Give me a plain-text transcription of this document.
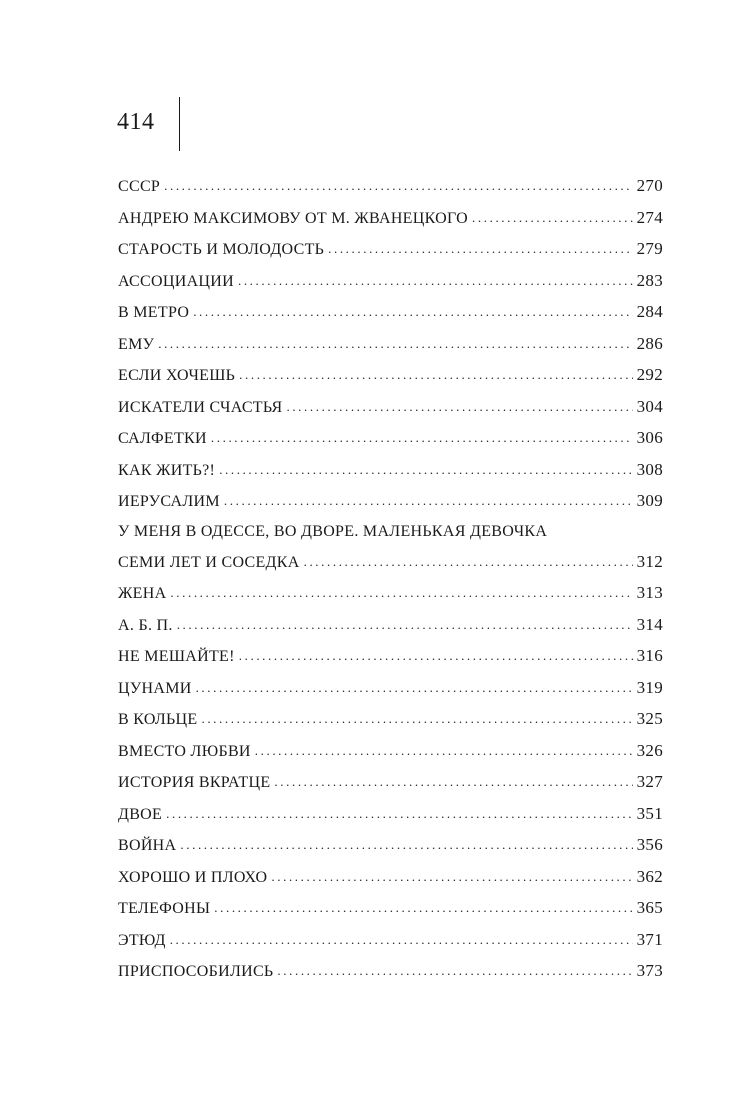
414
СССР .....	270
АНДРЕЮ МАКСИМОВУ ОТ М. ЖВАНЕЦКОГО .....	274
СТАРОСТЬ И МОЛОДОСТЬ .....	279
АССОЦИАЦИИ .....	283
В МЕТРО .....	284
ЕМУ .....	286
ЕСЛИ ХОЧЕШЬ .....	292
ИСКАТЕЛИ СЧАСТЬЯ .....	304
САЛФЕТКИ .....	306
КАК ЖИТЬ?! .....	308
ИЕРУСАЛИМ .....	309
У МЕНЯ В ОДЕССЕ, ВО ДВОРЕ. МАЛЕНЬКАЯ ДЕВОЧКА
СЕМИ ЛЕТ И СОСЕДКА .....	312
ЖЕНА .....	313
А. Б. П. .....	314
НЕ МЕШАЙТЕ! .....	316
ЦУНАМИ .....	319
В КОЛЬЦЕ .....	325
ВМЕСТО ЛЮБВИ .....	326
ИСТОРИЯ ВКРАТЦЕ .....	327
ДВОЕ .....	351
ВОЙНА .....	356
ХОРОШО И ПЛОХО .....	362
ТЕЛЕФОНЫ .....	365
ЭТЮД .....	371
ПРИСПОСОБИЛИСЬ .....	373
